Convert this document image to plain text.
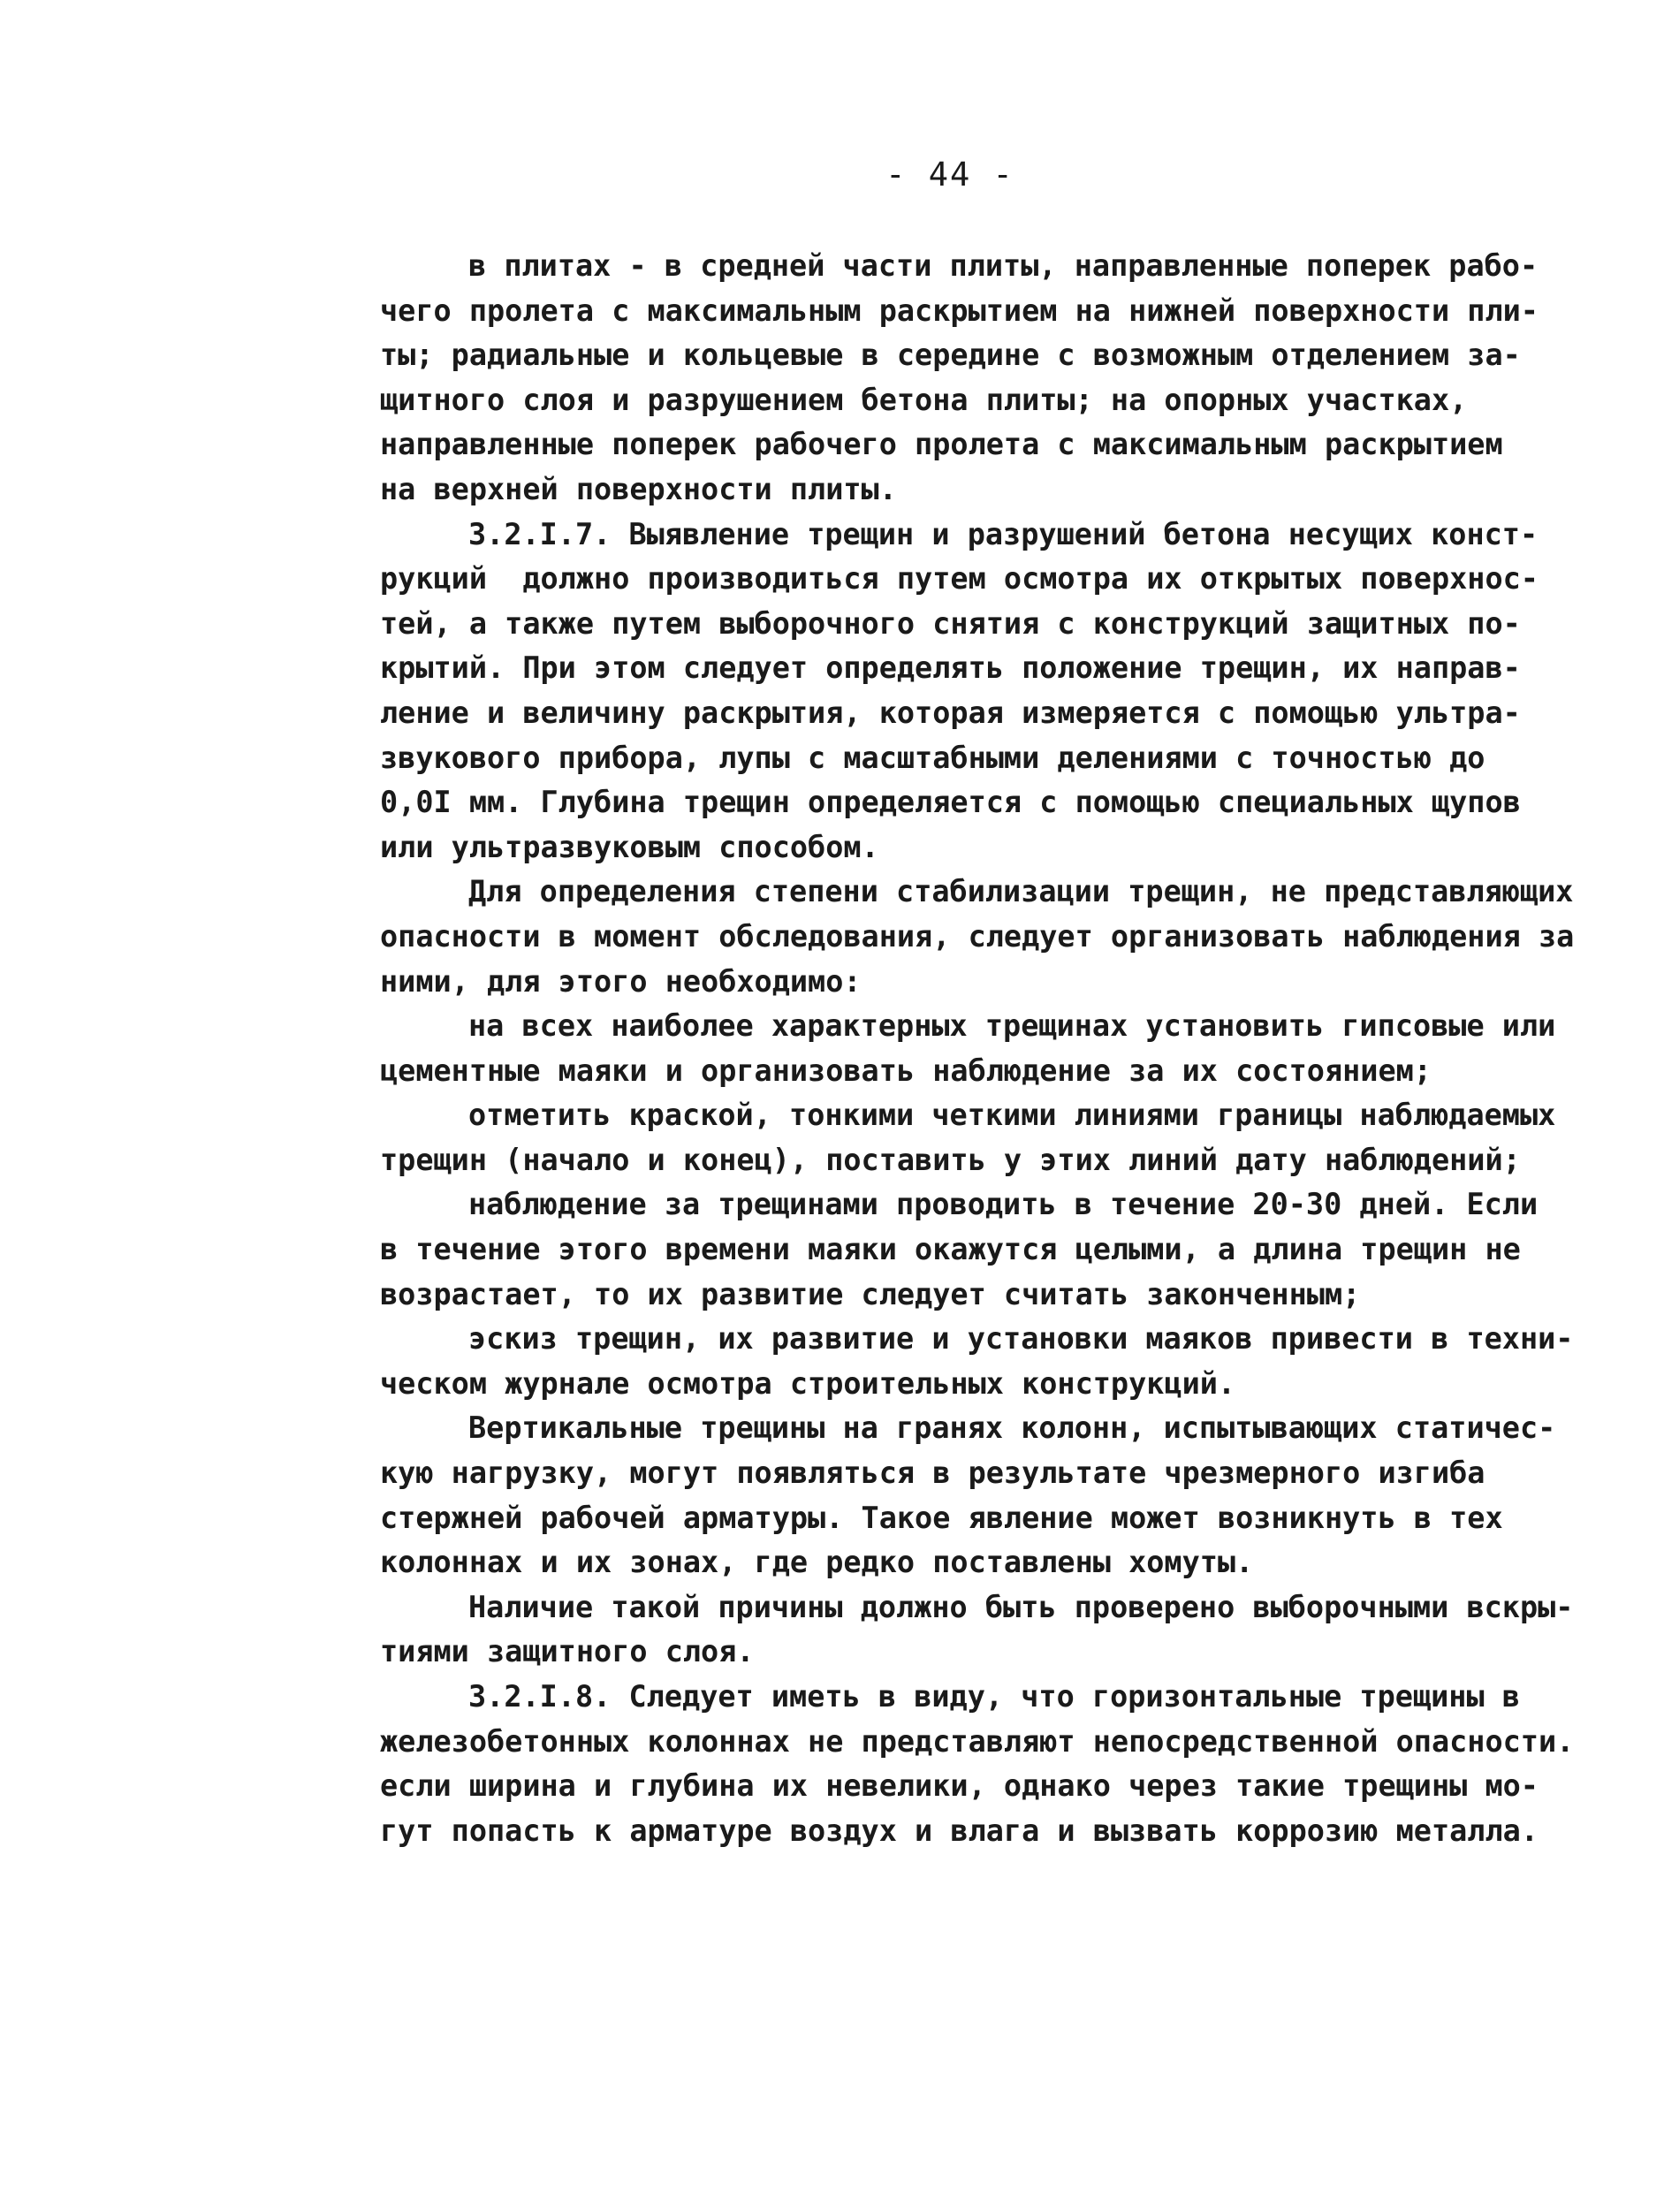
- 44 -
в плитах - в средней части плиты, направленные поперек рабо-
чего пролета с максимальным раскрытием на нижней поверхности пли-
ты; радиальные и кольцевые в середине с возможным отделением за-
щитного слоя и разрушением бетона плиты; на опорных участках,
направленные поперек рабочего пролета с максимальным раскрытием
на верхней поверхности плиты.
3.2.I.7. Выявление трещин и разрушений бетона несущих конст-
рукций  должно производиться путем осмотра их открытых поверхнос-
тей, а также путем выборочного снятия с конструкций защитных по-
крытий. При этом следует определять положение трещин, их направ-
ление и величину раскрытия, которая измеряется с помощью ультра-
звукового прибора, лупы с масштабными делениями с точностью до
0,0I мм. Глубина трещин определяется с помощью специальных щупов
или ультразвуковым способом.
Для определения степени стабилизации трещин, не представляющих
опасности в момент обследования, следует организовать наблюдения за
ними, для этого необходимо:
на всех наиболее характерных трещинах установить гипсовые или
цементные маяки и организовать наблюдение за их состоянием;
отметить краской, тонкими четкими линиями границы наблюдаемых
трещин (начало и конец), поставить у этих линий дату наблюдений;
наблюдение за трещинами проводить в течение 20-30 дней. Если
в течение этого времени маяки окажутся целыми, а длина трещин не
возрастает, то их развитие следует считать законченным;
эскиз трещин, их развитие и установки маяков привести в техни-
ческом журнале осмотра строительных конструкций.
Вертикальные трещины на гранях колонн, испытывающих статичес-
кую нагрузку, могут появляться в результате чрезмерного изгиба
стержней рабочей арматуры. Такое явление может возникнуть в тех
колоннах и их зонах, где редко поставлены хомуты.
Наличие такой причины должно быть проверено выборочными вскры-
тиями защитного слоя.
3.2.I.8. Следует иметь в виду, что горизонтальные трещины в
железобетонных колоннах не представляют непосредственной опасности.
если ширина и глубина их невелики, однако через такие трещины мо-
гут попасть к арматуре воздух и влага и вызвать коррозию металла.
